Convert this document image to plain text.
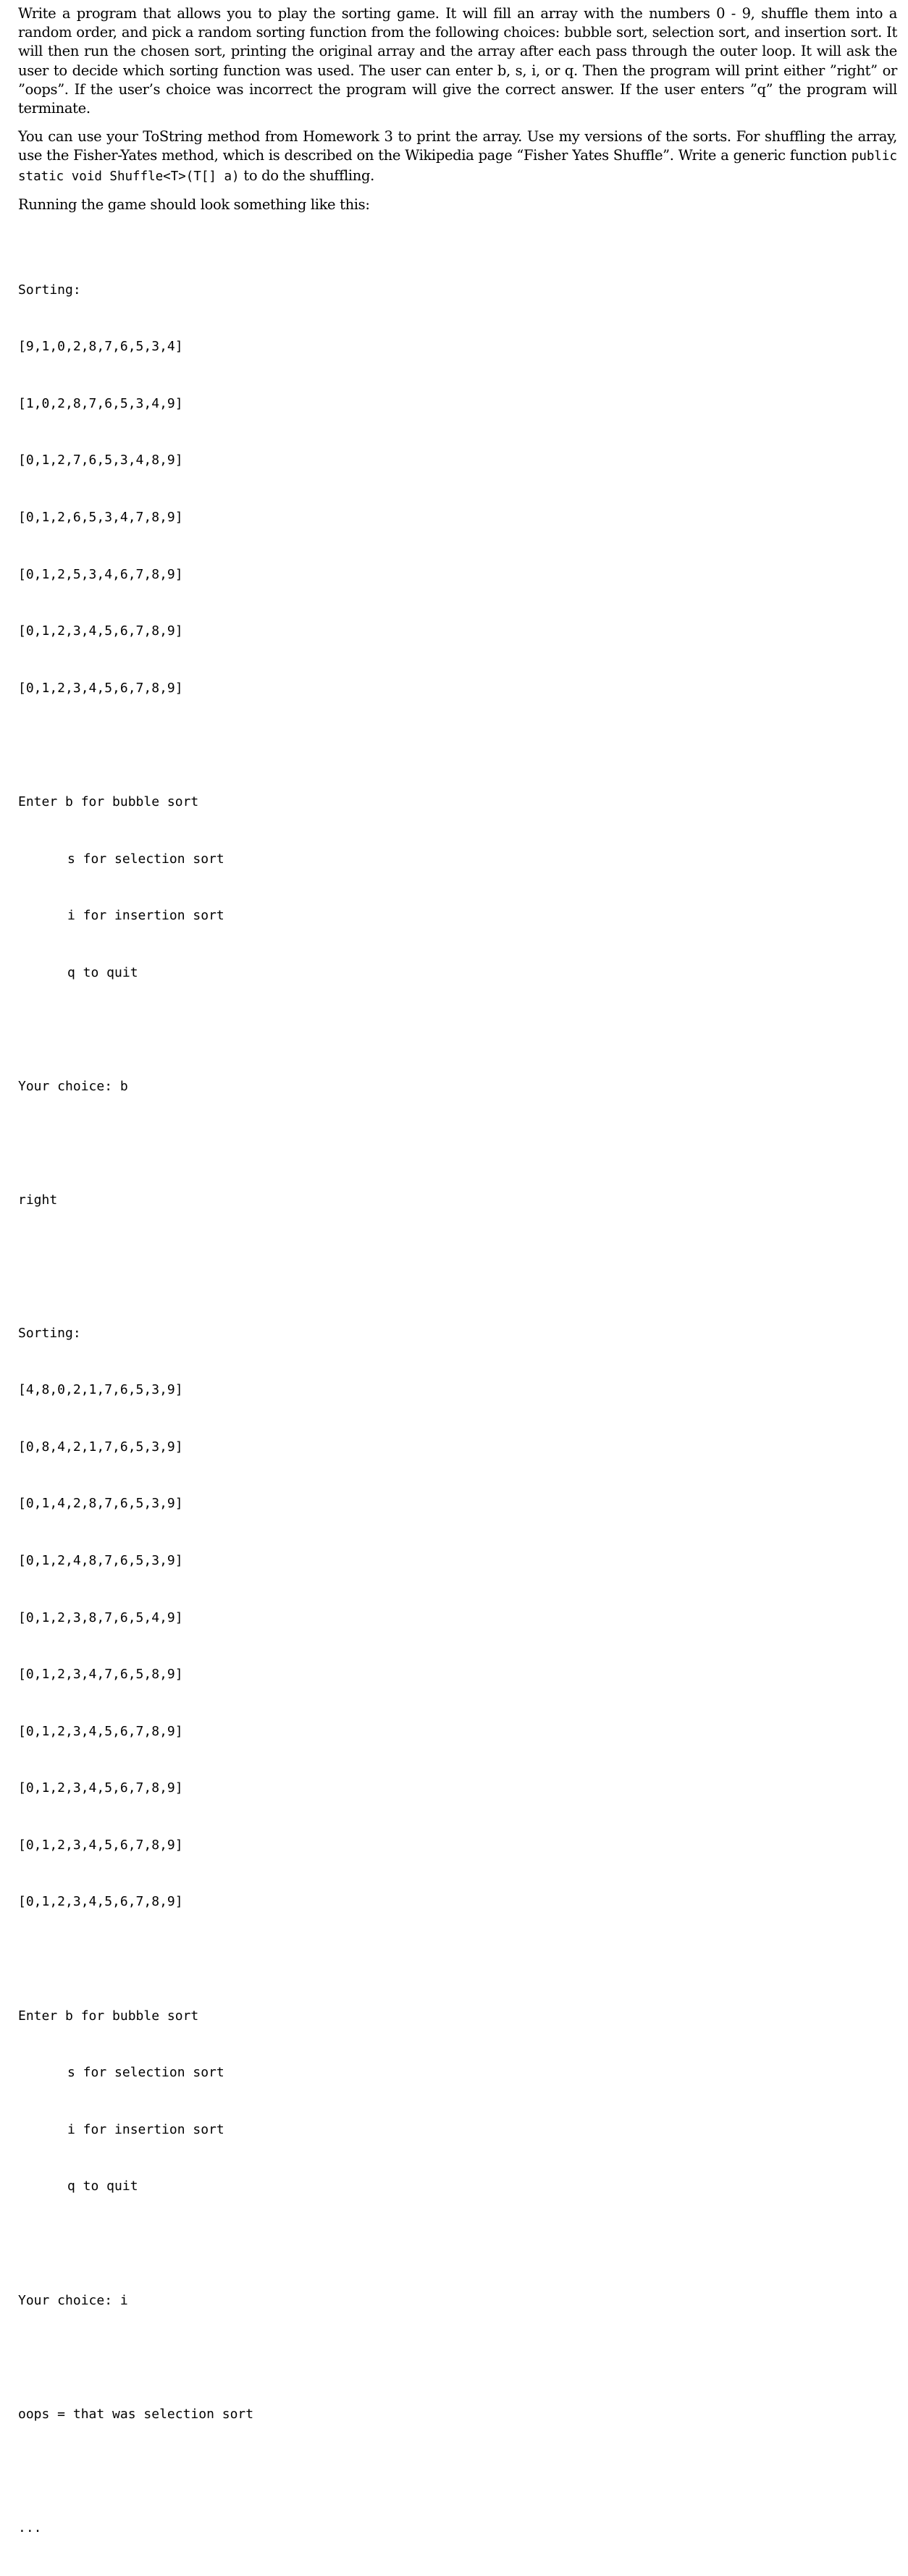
Write a program that allows you to play the sorting game. It will fill an array with the numbers 0 - 9, shuffle them into a random order, and pick a random sorting function from the following choices: bubble sort, selection sort, and insertion sort. It will then run the chosen sort, printing the original array and the array after each pass through the outer loop. It will ask the user to decide which sorting function was used. The user can enter b, s, i, or q. Then the program will print either ”right” or ”oops”. If the user’s choice was incorrect the program will give the correct answer. If the user enters ”q” the program will terminate.

You can use your ToString method from Homework 3 to print the array. Use my versions of the sorts. For shuffling the array, use the Fisher-Yates method, which is described on the Wikipedia page “Fisher Yates Shuffle”. Write a generic function public static void Shuffle<T>(T[] a) to do the shuffling.

Running the game should look something like this:

Sorting:

[9,1,0,2,8,7,6,5,3,4]

[1,0,2,8,7,6,5,3,4,9]

[0,1,2,7,6,5,3,4,8,9]

[0,1,2,6,5,3,4,7,8,9]

[0,1,2,5,3,4,6,7,8,9]

[0,1,2,3,4,5,6,7,8,9]

[0,1,2,3,4,5,6,7,8,9]

Enter b for bubble sort

s for selection sort

i for insertion sort

q to quit

Your choice: b

right

Sorting:

[4,8,0,2,1,7,6,5,3,9]

[0,8,4,2,1,7,6,5,3,9]

[0,1,4,2,8,7,6,5,3,9]

[0,1,2,4,8,7,6,5,3,9]

[0,1,2,3,8,7,6,5,4,9]

[0,1,2,3,4,7,6,5,8,9]

[0,1,2,3,4,5,6,7,8,9]

[0,1,2,3,4,5,6,7,8,9]

[0,1,2,3,4,5,6,7,8,9]

[0,1,2,3,4,5,6,7,8,9]

Enter b for bubble sort

s for selection sort

i for insertion sort

q to quit

Your choice: i

oops = that was selection sort

...
